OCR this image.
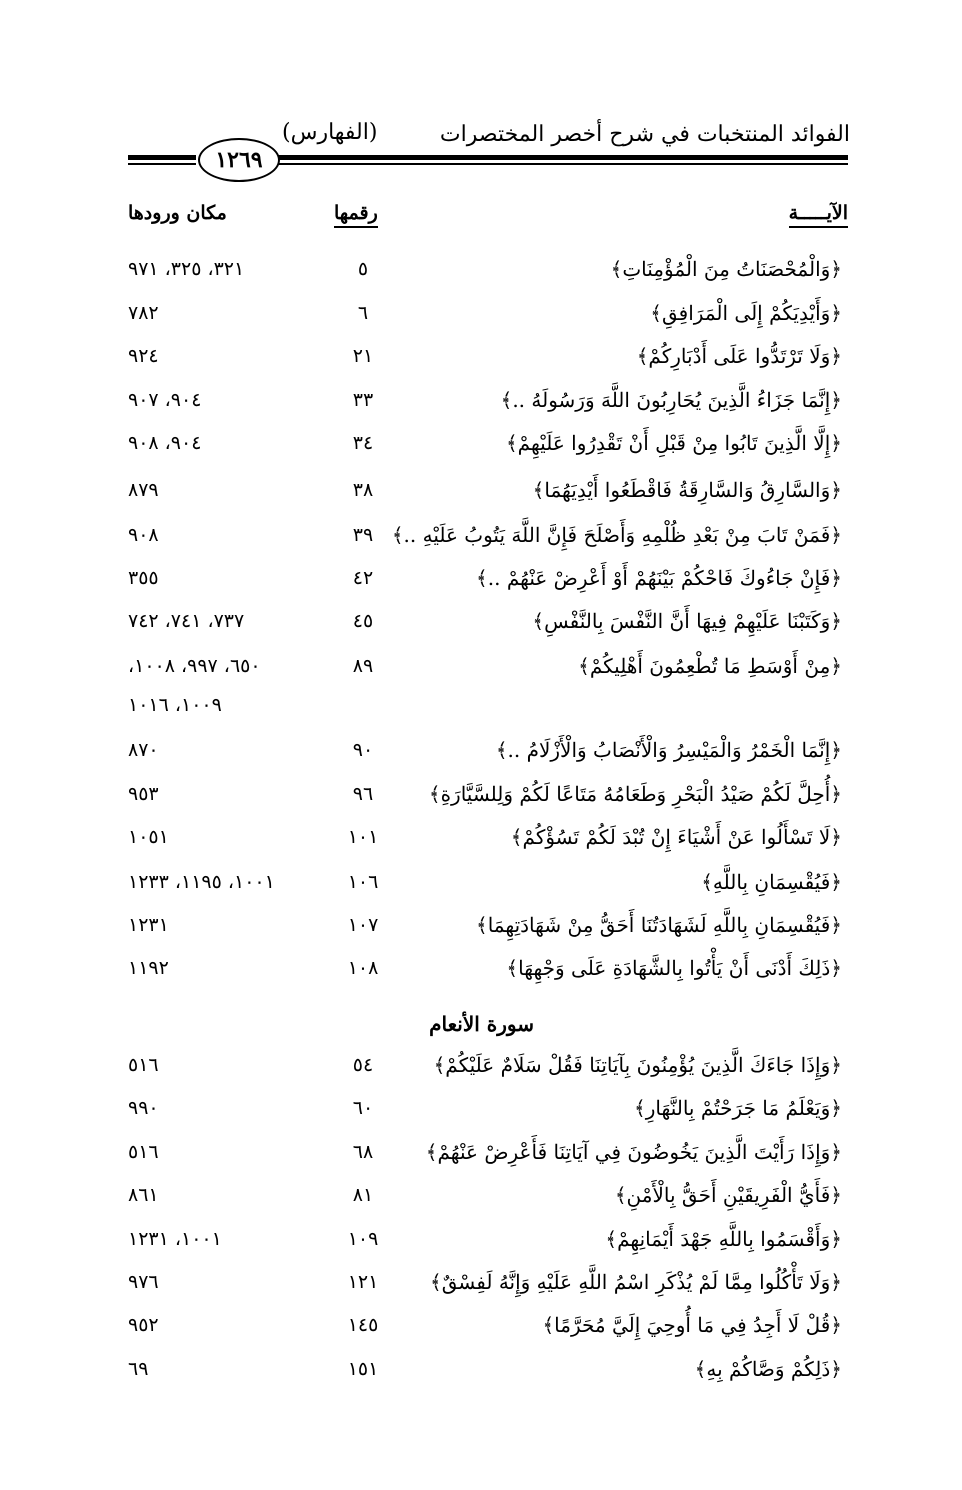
الفوائد المنتخبات في شرح أخصر المختصرات
(الفهارس)
١٢٦٩
الآيـــــة
رقمها
مكان ورودها
﴿وَالْمُحْصَنَاتُ مِنَ الْمُؤْمِنَاتِ﴾
٥
٣٢١، ٣٢٥، ٩٧١
﴿وَأَيْدِيَكُمْ إِلَى الْمَرَافِقِ﴾
٦
٧٨٢
﴿وَلَا تَرْتَدُّوا عَلَى أَدْبَارِكُمْ﴾
٢١
٩٢٤
﴿إِنَّمَا جَزَاءُ الَّذِينَ يُحَارِبُونَ اللَّهَ وَرَسُولَهُ ..﴾
٣٣
٩٠٤، ٩٠٧
﴿إِلَّا الَّذِينَ تَابُوا مِنْ قَبْلِ أَنْ تَقْدِرُوا عَلَيْهِمْ﴾
٣٤
٩٠٤، ٩٠٨
﴿وَالسَّارِقُ وَالسَّارِقَةُ فَاقْطَعُوا أَيْدِيَهُمَا﴾
٣٨
٨٧٩
﴿فَمَنْ تَابَ مِنْ بَعْدِ ظُلْمِهِ وَأَصْلَحَ فَإِنَّ اللَّهَ يَتُوبُ عَلَيْهِ ..﴾
٣٩
٩٠٨
﴿فَإِنْ جَاءُوكَ فَاحْكُمْ بَيْنَهُمْ أَوْ أَعْرِضْ عَنْهُمْ ..﴾
٤٢
٣٥٥
﴿وَكَتَبْنَا عَلَيْهِمْ فِيهَا أَنَّ النَّفْسَ بِالنَّفْسِ﴾
٤٥
٧٣٧، ٧٤١، ٧٤٢
﴿مِنْ أَوْسَطِ مَا تُطْعِمُونَ أَهْلِيكُمْ﴾
٨٩
٦٥٠، ٩٩٧، ١٠٠٨،
١٠٠٩، ١٠١٦
﴿إِنَّمَا الْخَمْرُ وَالْمَيْسِرُ وَالْأَنْصَابُ وَالْأَزْلَامُ ..﴾
٩٠
٨٧٠
﴿أُحِلَّ لَكُمْ صَيْدُ الْبَحْرِ وَطَعَامُهُ مَتَاعًا لَكُمْ وَلِلسَّيَّارَةِ﴾
٩٦
٩٥٣
﴿لَا تَسْأَلُوا عَنْ أَشْيَاءَ إِنْ تُبْدَ لَكُمْ تَسُؤْكُمْ﴾
١٠١
١٠٥١
﴿فَيُقْسِمَانِ بِاللَّهِ﴾
١٠٦
١٠٠١، ١١٩٥، ١٢٣٣
﴿فَيُقْسِمَانِ بِاللَّهِ لَشَهَادَتُنَا أَحَقُّ مِنْ شَهَادَتِهِمَا﴾
١٠٧
١٢٣١
﴿ذَلِكَ أَدْنَى أَنْ يَأْتُوا بِالشَّهَادَةِ عَلَى وَجْهِهَا﴾
١٠٨
١١٩٢
سورة الأنعام
﴿وَإِذَا جَاءَكَ الَّذِينَ يُؤْمِنُونَ بِآيَاتِنَا فَقُلْ سَلَامٌ عَلَيْكُمْ﴾
٥٤
٥١٦
﴿وَيَعْلَمُ مَا جَرَحْتُمْ بِالنَّهَارِ﴾
٦٠
٩٩٠
﴿وَإِذَا رَأَيْتَ الَّذِينَ يَخُوضُونَ فِي آيَاتِنَا فَأَعْرِضْ عَنْهُمْ﴾
٦٨
٥١٦
﴿فَأَيُّ الْفَرِيقَيْنِ أَحَقُّ بِالْأَمْنِ﴾
٨١
٨٦١
﴿وَأَقْسَمُوا بِاللَّهِ جَهْدَ أَيْمَانِهِمْ﴾
١٠٩
١٠٠١، ١٢٣١
﴿وَلَا تَأْكُلُوا مِمَّا لَمْ يُذْكَرِ اسْمُ اللَّهِ عَلَيْهِ وَإِنَّهُ لَفِسْقٌ﴾
١٢١
٩٧٦
﴿قُلْ لَا أَجِدُ فِي مَا أُوحِيَ إِلَيَّ مُحَرَّمًا﴾
١٤٥
٩٥٢
﴿ذَلِكُمْ وَصَّاكُمْ بِهِ﴾
١٥١
٦٩
